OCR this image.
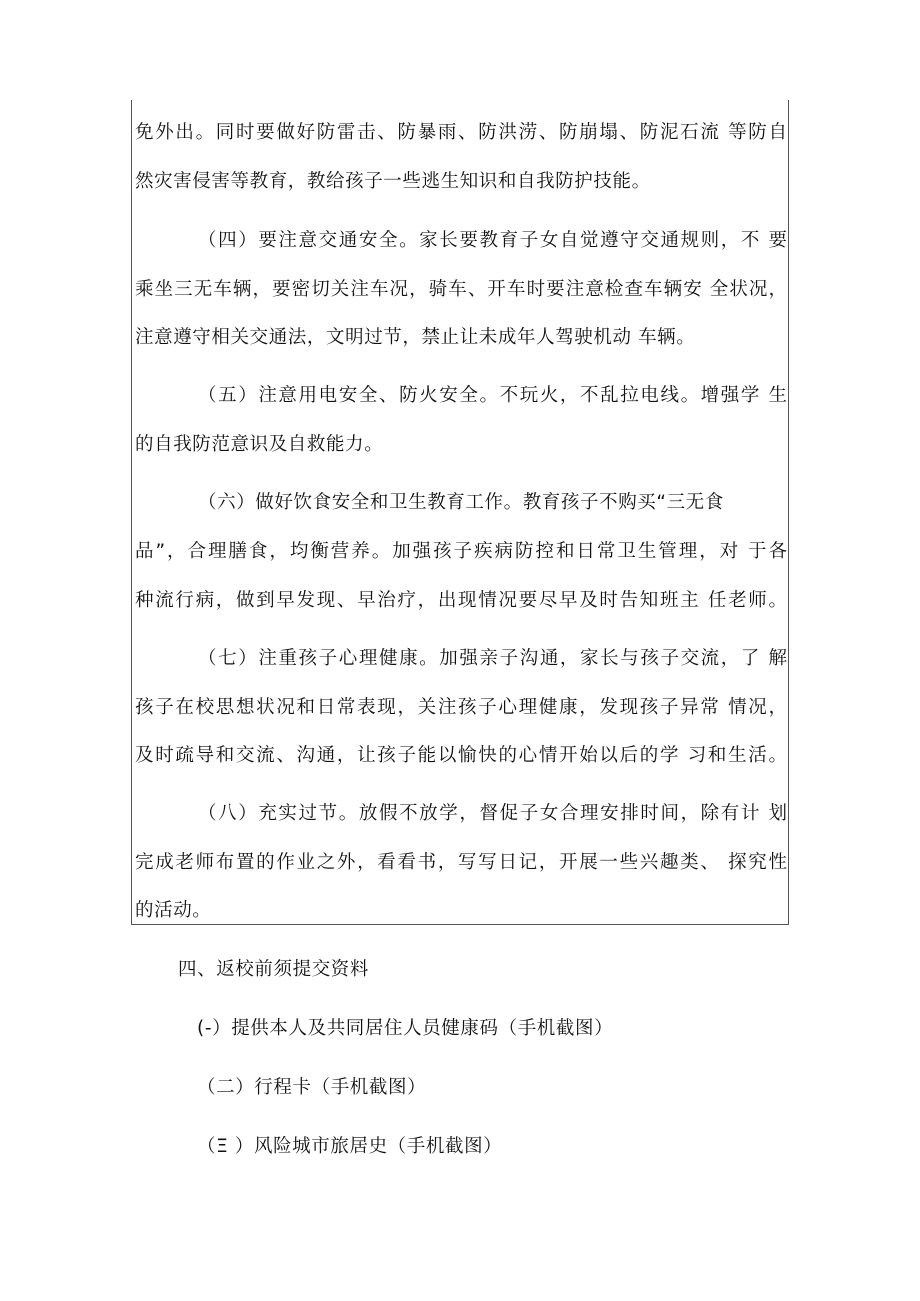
免外出。同时要做好防雷击、防暴雨、防洪涝、防崩塌、防泥石流 等防自
然灾害侵害等教育，教给孩子一些逃生知识和自我防护技能。
（四）要注意交通安全。家长要教育子女自觉遵守交通规则，不 要
乘坐三无车辆，要密切关注车况，骑车、开车时要注意检查车辆安 全状况，
注意遵守相关交通法，文明过节，禁止让未成年人驾驶机动 车辆。
（五）注意用电安全、防火安全。不玩火，不乱拉电线。增强学 生
的自我防范意识及自救能力。
（六）做好饮食安全和卫生教育工作。教育孩子不购买“三无食
品”，合理膳食，均衡营养。加强孩子疾病防控和日常卫生管理，对 于各
种流行病，做到早发现、早治疗，出现情况要尽早及时告知班主 任老师。
（七）注重孩子心理健康。加强亲子沟通，家长与孩子交流，了 解
孩子在校思想状况和日常表现，关注孩子心理健康，发现孩子异常 情况，
及时疏导和交流、沟通，让孩子能以愉快的心情开始以后的学 习和生活。
（八）充实过节。放假不放学，督促子女合理安排时间，除有计 划
完成老师布置的作业之外，看看书，写写日记，开展一些兴趣类、 探究性
的活动。
四、返校前须提交资料
(-）提供本人及共同居住人员健康码（手机截图）
（二）行程卡（手机截图）
（Ξ ）风险城市旅居史（手机截图）
